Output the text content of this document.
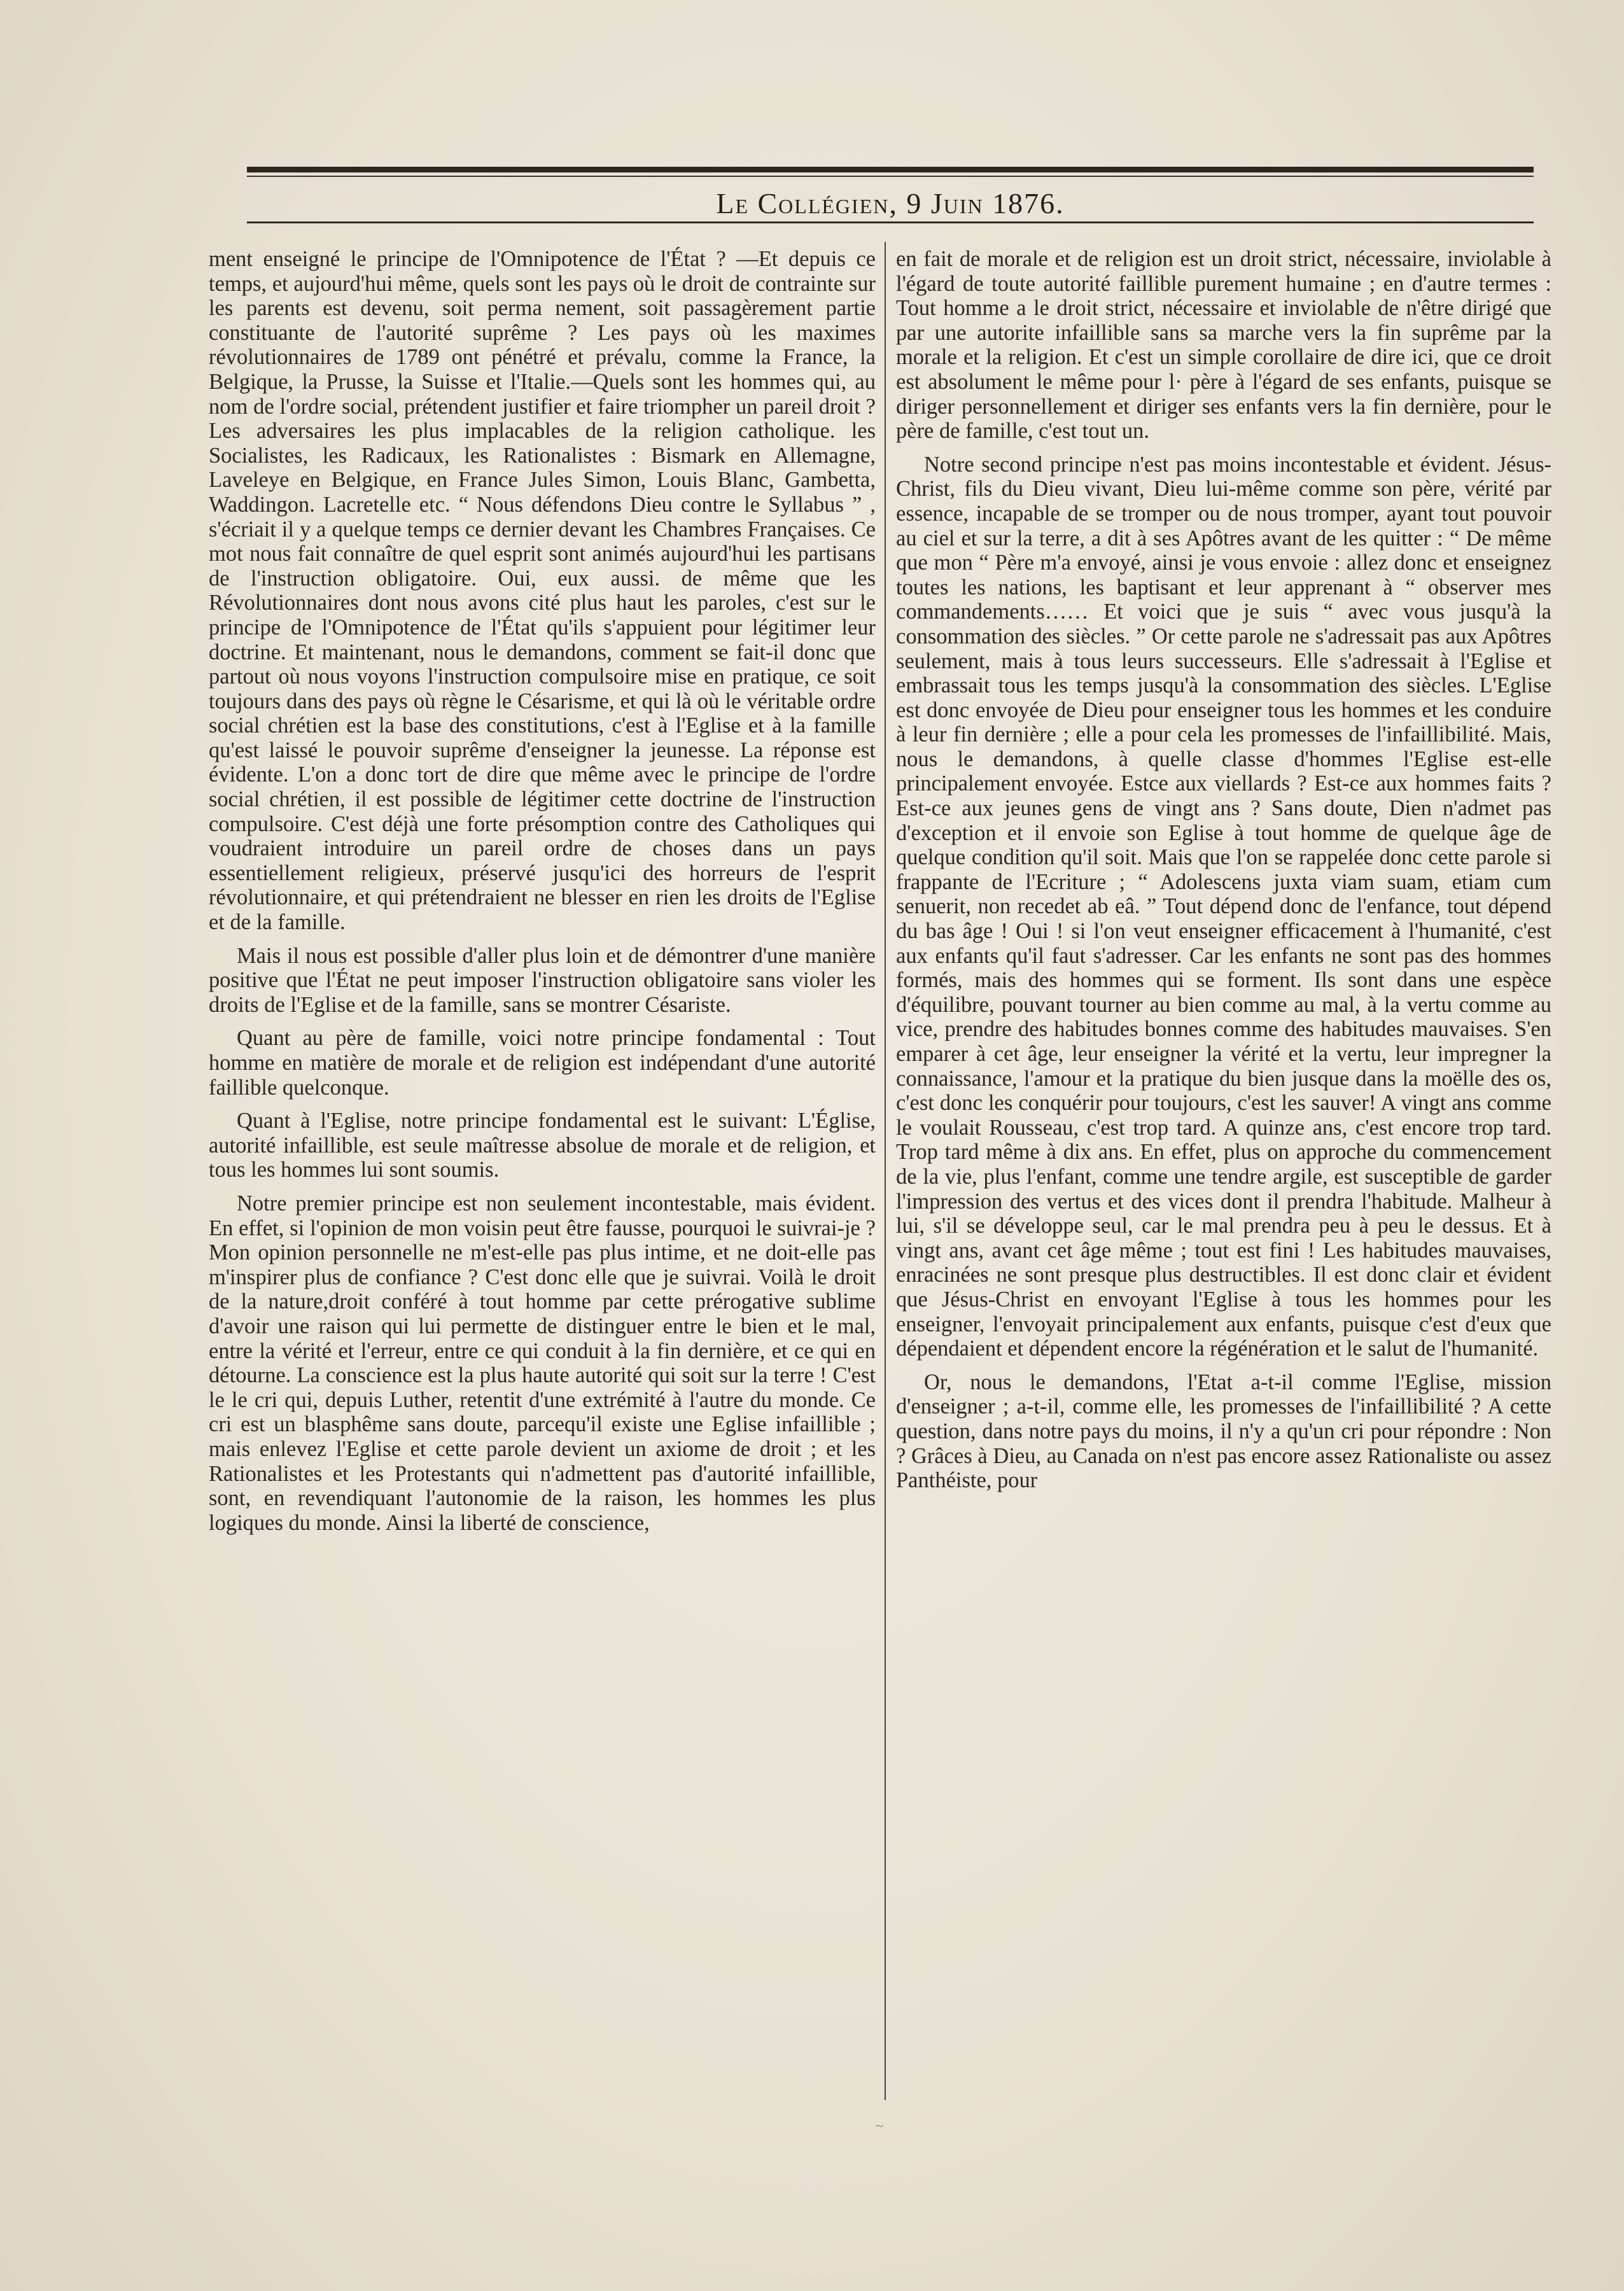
Le Collégien, 9 Juin 1876.

ment enseigné le principe de l'Omnipotence de l'État ? —Et depuis ce temps, et aujourd'hui même, quels sont les pays où le droit de contrainte sur les parents est devenu, soit perma nement, soit passagèrement partie constituante de l'autorité suprême ? Les pays où les maximes révolutionnaires de 1789 ont pénétré et prévalu, comme la France, la Belgique, la Prusse, la Suisse et l'Italie.—Quels sont les hommes qui, au nom de l'ordre social, prétendent justifier et faire triompher un pareil droit ? Les adversaires les plus implacables de la religion catholique. les Socialistes, les Radicaux, les Rationalistes : Bismark en Allemagne, Laveleye en Belgique, en France Jules Simon, Louis Blanc, Gambetta, Waddingon. Lacretelle etc. “ Nous défendons Dieu contre le Syllabus ” , s'écriait il y a quelque temps ce dernier devant les Chambres Françaises. Ce mot nous fait connaître de quel esprit sont animés aujourd'hui les partisans de l'instruction obligatoire. Oui, eux aussi. de même que les Révolutionnaires dont nous avons cité plus haut les paroles, c'est sur le principe de l'Omnipotence de l'État qu'ils s'appuient pour légitimer leur doctrine. Et maintenant, nous le demandons, comment se fait-il donc que partout où nous voyons l'instruction compulsoire mise en pratique, ce soit toujours dans des pays où règne le Césarisme, et qui là où le véritable ordre social chrétien est la base des constitutions, c'est à l'Eglise et à la famille qu'est laissé le pouvoir suprême d'enseigner la jeunesse. La réponse est évidente. L'on a donc tort de dire que même avec le principe de l'ordre social chrétien, il est possible de légitimer cette doctrine de l'instruction compulsoire. C'est déjà une forte présomption contre des Catholiques qui voudraient introduire un pareil ordre de choses dans un pays essentiellement religieux, préservé jusqu'ici des horreurs de l'esprit révolutionnaire, et qui prétendraient ne blesser en rien les droits de l'Eglise et de la famille.

Mais il nous est possible d'aller plus loin et de démontrer d'une manière positive que l'État ne peut imposer l'instruction obligatoire sans violer les droits de l'Eglise et de la famille, sans se montrer Césariste.

Quant au père de famille, voici notre principe fondamental : Tout homme en matière de morale et de religion est indépendant d'une autorité faillible quelconque.

Quant à l'Eglise, notre principe fondamental est le suivant: L'Église, autorité infaillible, est seule maîtresse absolue de morale et de religion, et tous les hommes lui sont soumis.

Notre premier principe est non seulement incontestable, mais évident. En effet, si l'opinion de mon voisin peut être fausse, pourquoi le suivrai-je ? Mon opinion personnelle ne m'est-elle pas plus intime, et ne doit-elle pas m'inspirer plus de confiance ? C'est donc elle que je suivrai. Voilà le droit de la nature,droit conféré à tout homme par cette prérogative sublime d'avoir une raison qui lui permette de distinguer entre le bien et le mal, entre la vérité et l'erreur, entre ce qui conduit à la fin dernière, et ce qui en détourne. La conscience est la plus haute autorité qui soit sur la terre ! C'est le le cri qui, depuis Luther, retentit d'une extrémité à l'autre du monde. Ce cri est un blasphême sans doute, parcequ'il existe une Eglise infaillible ; mais enlevez l'Eglise et cette parole devient un axiome de droit ; et les Rationalistes et les Protestants qui n'admettent pas d'autorité infaillible, sont, en revendiquant l'autonomie de la raison, les hommes les plus logiques du monde. Ainsi la liberté de conscience,

en fait de morale et de religion est un droit strict, nécessaire, inviolable à l'égard de toute autorité faillible purement humaine ; en d'autre termes : Tout homme a le droit strict, nécessaire et inviolable de n'être dirigé que par une autorite infaillible sans sa marche vers la fin suprême par la morale et la religion. Et c'est un simple corollaire de dire ici, que ce droit est absolument le même pour l· père à l'égard de ses enfants, puisque se diriger personnellement et diriger ses enfants vers la fin dernière, pour le père de famille, c'est tout un.

Notre second principe n'est pas moins incontestable et évident. Jésus-Christ, fils du Dieu vivant, Dieu lui-même comme son père, vérité par essence, incapable de se tromper ou de nous tromper, ayant tout pouvoir au ciel et sur la terre, a dit à ses Apôtres avant de les quitter : “ De même que mon “ Père m'a envoyé, ainsi je vous envoie : allez donc et enseignez toutes les nations, les baptisant et leur apprenant à “ observer mes commandements…… Et voici que je suis “ avec vous jusqu'à la consommation des siècles. ” Or cette parole ne s'adressait pas aux Apôtres seulement, mais à tous leurs successeurs. Elle s'adressait à l'Eglise et embrassait tous les temps jusqu'à la consommation des siècles. L'Eglise est donc envoyée de Dieu pour enseigner tous les hommes et les conduire à leur fin dernière ; elle a pour cela les promesses de l'infaillibilité. Mais, nous le demandons, à quelle classe d'hommes l'Eglise est-elle principalement envoyée. Estce aux viellards ? Est-ce aux hommes faits ? Est-ce aux jeunes gens de vingt ans ? Sans doute, Dien n'admet pas d'exception et il envoie son Eglise à tout homme de quelque âge de quelque condition qu'il soit. Mais que l'on se rappelée donc cette parole si frappante de l'Ecriture ; “ Adolescens juxta viam suam, etiam cum senuerit, non recedet ab eâ. ” Tout dépend donc de l'enfance, tout dépend du bas âge ! Oui ! si l'on veut enseigner efficacement à l'humanité, c'est aux enfants qu'il faut s'adresser. Car les enfants ne sont pas des hommes formés, mais des hommes qui se forment. Ils sont dans une espèce d'équilibre, pouvant tourner au bien comme au mal, à la vertu comme au vice, prendre des habitudes bonnes comme des habitudes mauvaises. S'en emparer à cet âge, leur enseigner la vérité et la vertu, leur impregner la connaissance, l'amour et la pratique du bien jusque dans la moëlle des os, c'est donc les conquérir pour toujours, c'est les sauver! A vingt ans comme le voulait Rousseau, c'est trop tard. A quinze ans, c'est encore trop tard. Trop tard même à dix ans. En effet, plus on approche du commencement de la vie, plus l'enfant, comme une tendre argile, est susceptible de garder l'impression des vertus et des vices dont il prendra l'habitude. Malheur à lui, s'il se développe seul, car le mal prendra peu à peu le dessus. Et à vingt ans, avant cet âge même ; tout est fini ! Les habitudes mauvaises, enracinées ne sont presque plus destructibles. Il est donc clair et évident que Jésus-Christ en envoyant l'Eglise à tous les hommes pour les enseigner, l'envoyait principalement aux enfants, puisque c'est d'eux que dépendaient et dépendent encore la régénération et le salut de l'humanité.

Or, nous le demandons, l'Etat a-t-il comme l'Eglise, mission d'enseigner ; a-t-il, comme elle, les promesses de l'infaillibilité ? A cette question, dans notre pays du moins, il n'y a qu'un cri pour répondre : Non ? Grâces à Dieu, au Canada on n'est pas encore assez Rationaliste ou assez Panthéiste, pour

~
